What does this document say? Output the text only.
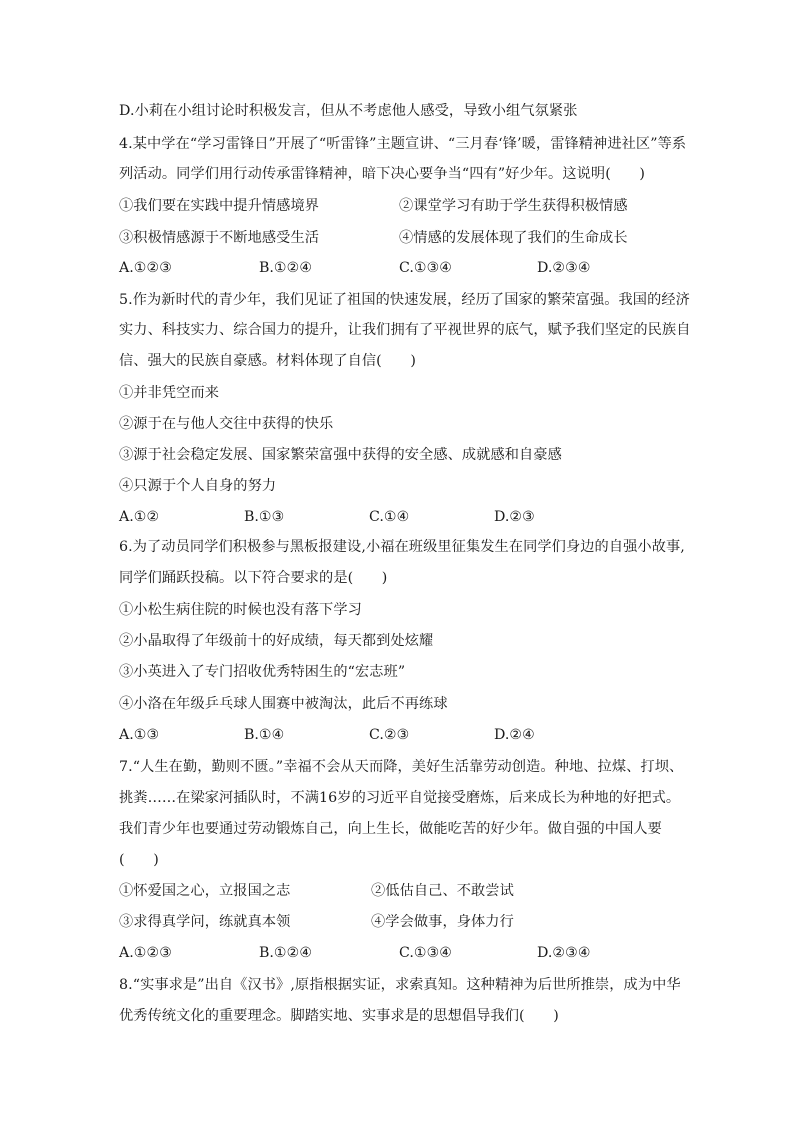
D.小莉在小组讨论时积极发言，但从不考虑他人感受，导致小组气氛紧张
4.某中学在“学习雷锋日”开展了“听雷锋”主题宣讲、“三月春‘锋’暖，雷锋精神进社区”等系
列活动。同学们用行动传承雷锋精神，暗下决心要争当“四有”好少年。这说明(　　)
①我们要在实践中提升情感境界	②课堂学习有助于学生获得积极情感
③积极情感源于不断地感受生活	④情感的发展体现了我们的生命成长
A.①②③	B.①②④	C.①③④	D.②③④
5.作为新时代的青少年，我们见证了祖国的快速发展，经历了国家的繁荣富强。我国的经济
实力、科技实力、综合国力的提升，让我们拥有了平视世界的底气，赋予我们坚定的民族自
信、强大的民族自豪感。材料体现了自信(　　)
①并非凭空而来
②源于在与他人交往中获得的快乐
③源于社会稳定发展、国家繁荣富强中获得的安全感、成就感和自豪感
④只源于个人自身的努力
A.①②	B.①③	C.①④	D.②③
6.为了动员同学们积极参与黑板报建设,小福在班级里征集发生在同学们身边的自强小故事,
同学们踊跃投稿。以下符合要求的是(　　)
①小松生病住院的时候也没有落下学习
②小晶取得了年级前十的好成绩，每天都到处炫耀
③小英进入了专门招收优秀特困生的“宏志班”
④小洛在年级乒乓球人围赛中被淘汰，此后不再练球
A.①③	B.①④	C.②③	D.②④
7.“人生在勤，勤则不匮。”幸福不会从天而降，美好生活靠劳动创造。种地、拉煤、打坝、
挑粪……在梁家河插队时，不满16岁的习近平自觉接受磨炼，后来成长为种地的好把式。
我们青少年也要通过劳动锻炼自己，向上生长，做能吃苦的好少年。做自强的中国人要
(　　)
①怀爱国之心，立报国之志	②低估自己、不敢尝试
③求得真学问，练就真本领	④学会做事，身体力行
A.①②③	B.①②④	C.①③④	D.②③④
8.“实事求是”出自《汉书》,原指根据实证，求索真知。这种精神为后世所推崇，成为中华
优秀传统文化的重要理念。脚踏实地、实事求是的思想倡导我们(　　)
